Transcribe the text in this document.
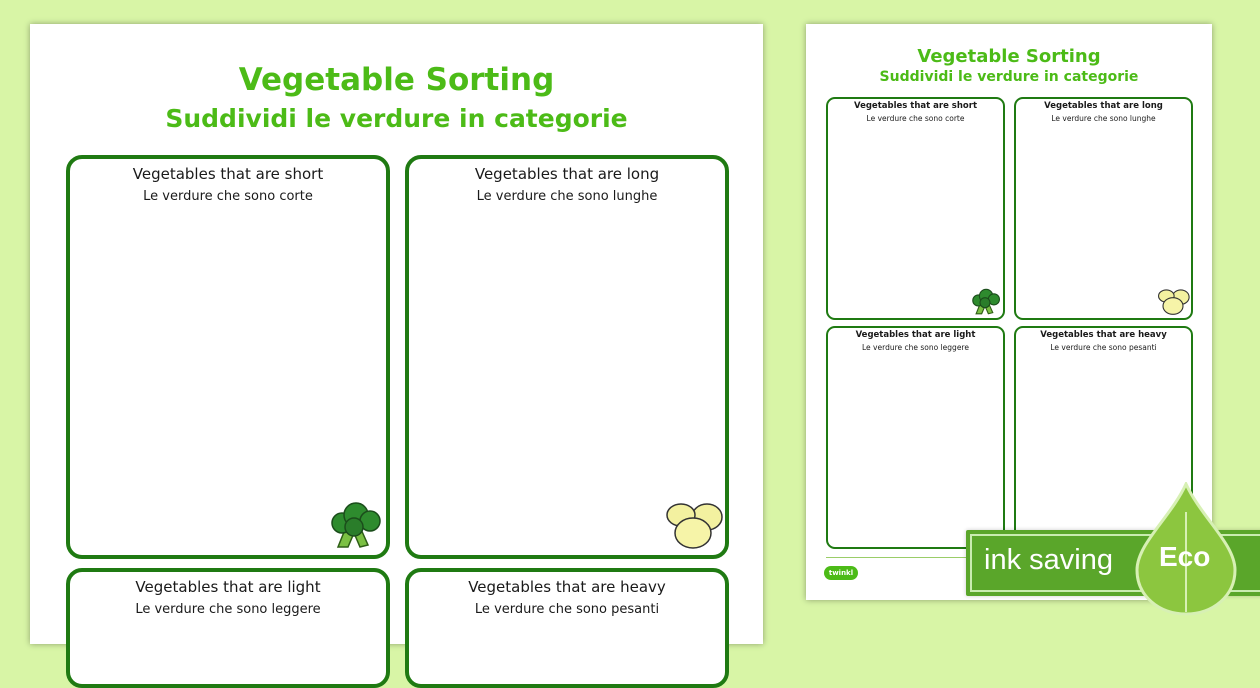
Vegetable Sorting
Suddividi le verdure in categorie
Vegetables that are short
Le verdure che sono corte
Vegetables that are long
Le verdure che sono lunghe
Vegetables that are light
Le verdure che sono leggere
Vegetables that are heavy
Le verdure che sono pesanti
Vegetable Sorting
Suddividi le verdure in categorie
Vegetables that are short
Le verdure che sono corte
Vegetables that are long
Le verdure che sono lunghe
Vegetables that are light
Le verdure che sono leggere
Vegetables that are heavy
Le verdure che sono pesanti
twinkl	ink saving Eco
